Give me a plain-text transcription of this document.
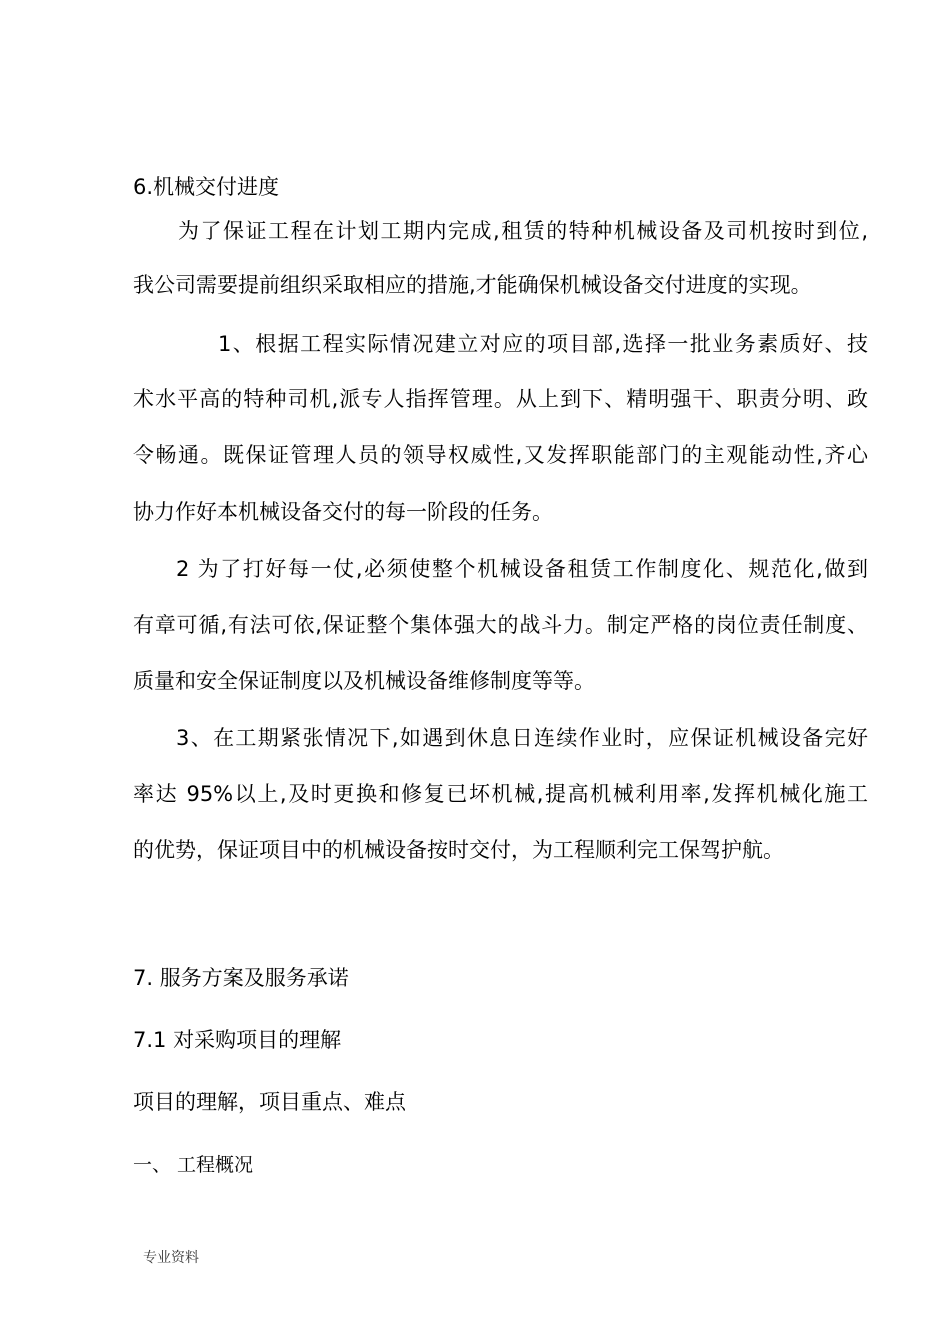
6.机械交付进度
为了保证工程在计划工期内完成,租赁的特种机械设备及司机按时到位,
我公司需要提前组织采取相应的措施,才能确保机械设备交付进度的实现。
1、根据工程实际情况建立对应的项目部,选择一批业务素质好、技
术水平高的特种司机,派专人指挥管理。从上到下、精明强干、职责分明、政
令畅通。既保证管理人员的领导权威性,又发挥职能部门的主观能动性,齐心
协力作好本机械设备交付的每一阶段的任务。
2 为了打好每一仗,必须使整个机械设备租赁工作制度化、规范化,做到
有章可循,有法可依,保证整个集体强大的战斗力。制定严格的岗位责任制度、
质量和安全保证制度以及机械设备维修制度等等。
3、在工期紧张情况下,如遇到休息日连续作业时，应保证机械设备完好
率达 95%以上,及时更换和修复已坏机械,提高机械利用率,发挥机械化施工
的优势，保证项目中的机械设备按时交付，为工程顺利完工保驾护航。
7. 服务方案及服务承诺
7.1 对采购项目的理解
项目的理解，项目重点、难点
一、 工程概况
专业资料
